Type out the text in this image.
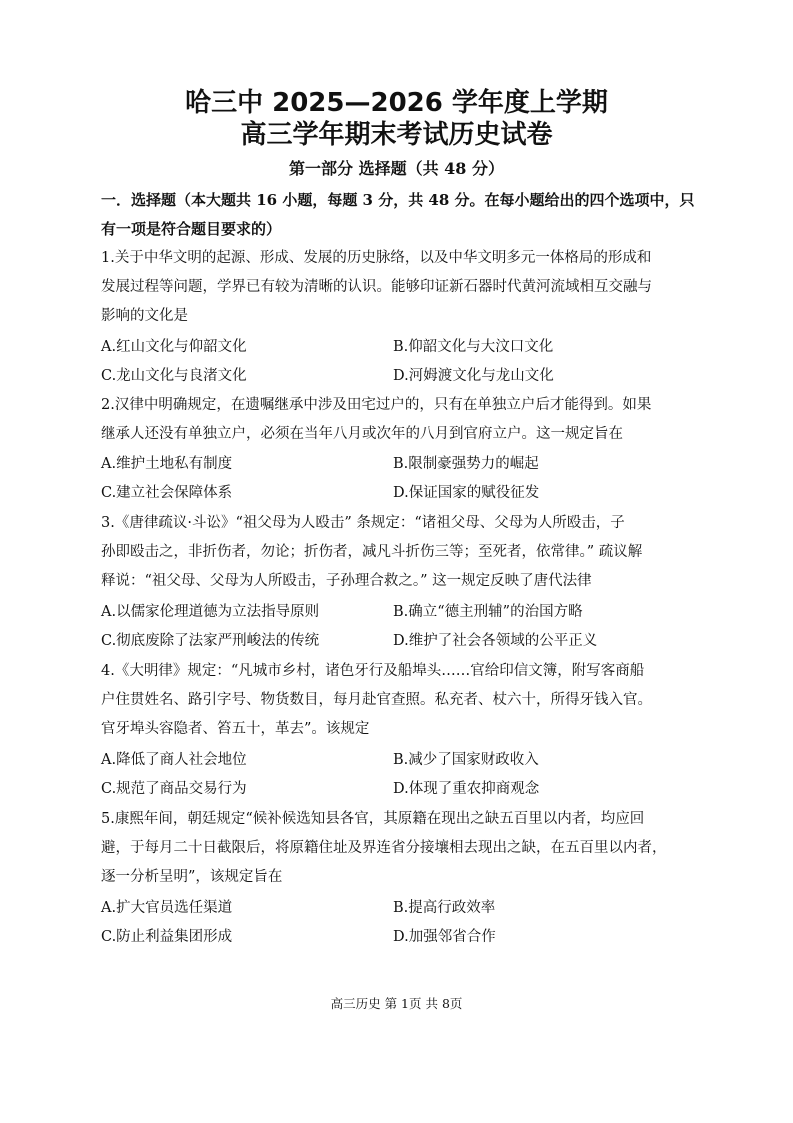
哈三中 2025—2026 学年度上学期
高三学年期末考试历史试卷
第一部分 选择题（共 48 分）
一．选择题（本大题共 16 小题，每题 3 分，共 48 分。在每小题给出的四个选项中，只
有一项是符合题目要求的）
1.关于中华文明的起源、形成、发展的历史脉络，以及中华文明多元一体格局的形成和
发展过程等问题，学界已有较为清晰的认识。能够印证新石器时代黄河流域相互交融与
影响的文化是
A.红山文化与仰韶文化	B.仰韶文化与大汶口文化
C.龙山文化与良渚文化	D.河姆渡文化与龙山文化
2.汉律中明确规定，在遗嘱继承中涉及田宅过户的，只有在单独立户后才能得到。如果
继承人还没有单独立户，必须在当年八月或次年的八月到官府立户。这一规定旨在
A.维护土地私有制度	B.限制豪强势力的崛起
C.建立社会保障体系	D.保证国家的赋役征发
3.《唐律疏议·斗讼》“祖父母为人殴击” 条规定：“诸祖父母、父母为人所殴击，子
孙即殴击之，非折伤者，勿论；折伤者，减凡斗折伤三等；至死者，依常律。” 疏议解
释说：“祖父母、父母为人所殴击，子孙理合救之。” 这一规定反映了唐代法律
A.以儒家伦理道德为立法指导原则	B.确立“德主刑辅”的治国方略
C.彻底废除了法家严刑峻法的传统	D.维护了社会各领域的公平正义
4.《大明律》规定：“凡城市乡村，诸色牙行及船埠头……官给印信文簿，附写客商船
户住贯姓名、路引字号、物货数目，每月赴官查照。私充者、杖六十，所得牙钱入官。
官牙埠头容隐者、笞五十，革去”。该规定
A.降低了商人社会地位	B.减少了国家财政收入
C.规范了商品交易行为	D.体现了重农抑商观念
5.康熙年间，朝廷规定“候补候选知县各官，其原籍在现出之缺五百里以内者，均应回
避，于每月二十日截限后，将原籍住址及界连省分接壤相去现出之缺，在五百里以内者，
逐一分析呈明”，该规定旨在
A.扩大官员选任渠道	B.提高行政效率
C.防止利益集团形成	D.加强邻省合作
高三历史 第 1页 共 8页
